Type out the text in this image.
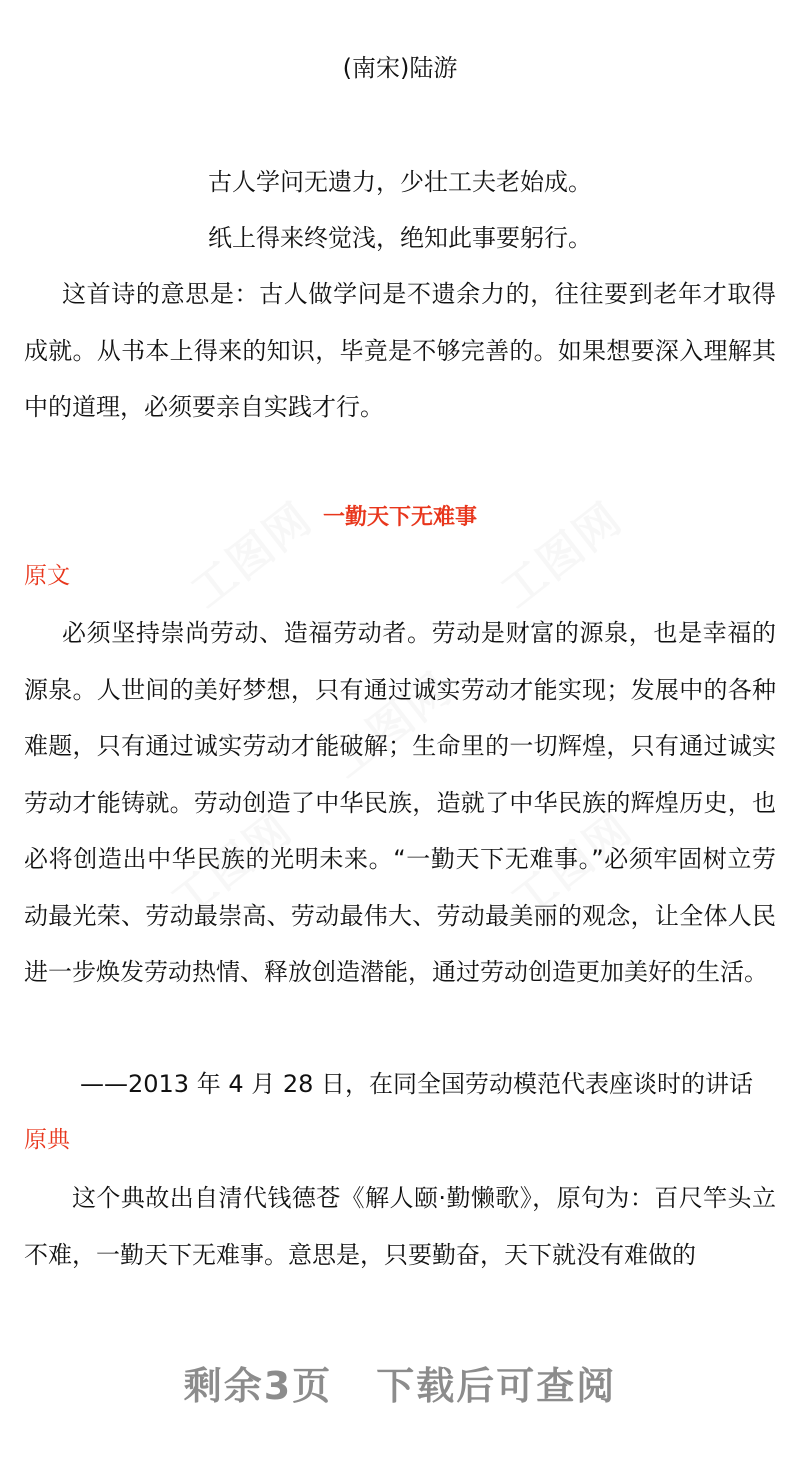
工图网	工图网
工图网
工图网	工图网
(南宋)陆游
古人学问无遗力，少壮工夫老始成。
纸上得来终觉浅，绝知此事要躬行。

这首诗的意思是：古人做学问是不遗余力的，往往要到老年才取得成就。从书本上得来的知识，毕竟是不够完善的。如果想要深入理解其中的道理，必须要亲自实践才行。

一勤天下无难事
原文

必须坚持崇尚劳动、造福劳动者。劳动是财富的源泉，也是幸福的源泉。人世间的美好梦想，只有通过诚实劳动才能实现；发展中的各种难题，只有通过诚实劳动才能破解；生命里的一切辉煌，只有通过诚实劳动才能铸就。劳动创造了中华民族，造就了中华民族的辉煌历史，也必将创造出中华民族的光明未来。“一勤天下无难事。”必须牢固树立劳动最光荣、劳动最崇高、劳动最伟大、劳动最美丽的观念，让全体人民进一步焕发劳动热情、释放创造潜能，通过劳动创造更加美好的生活。

——2013 年 4 月 28 日，在同全国劳动模范代表座谈时的讲话
原典

这个典故出自清代钱德苍《解人颐·勤懒歌》，原句为：百尺竿头立不难，一勤天下无难事。意思是，只要勤奋，天下就没有难做的

剩余3页 下载后可查阅
